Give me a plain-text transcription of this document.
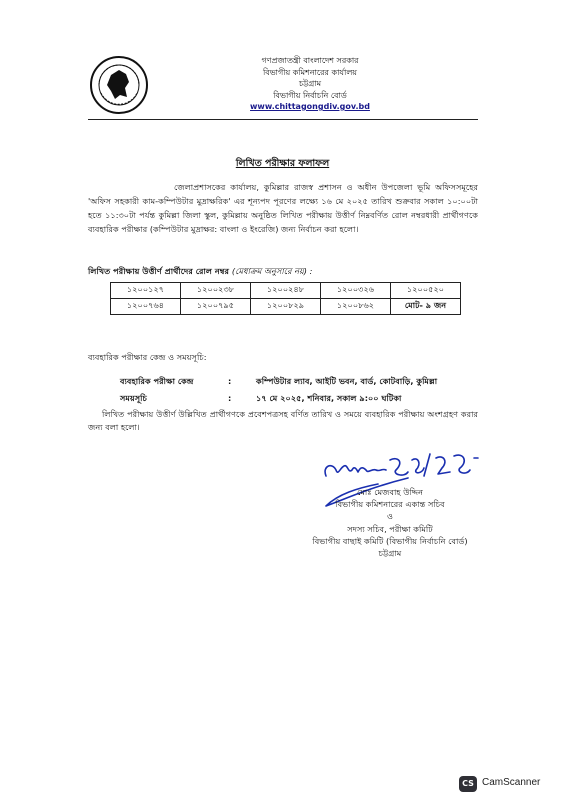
গণপ্রজাতন্ত্রী বাংলাদেশ সরকার
বিভাগীয় কমিশনারের কার্যালয়
চট্টগ্রাম
বিভাগীয় নির্বাচনি বোর্ড
www.chittagongdiv.gov.bd
লিখিত পরীক্ষার ফলাফল
জেলাপ্রশাসকের কার্যালয়, কুমিল্লার রাজস্ব প্রশাসন ও অধীন উপজেলা ভূমি অফিসসমূহের 'অফিস সহকারী কাম-কম্পিউটার মুদ্রাক্ষরিক' এর শূন্যপদ পূরণের লক্ষ্যে ১৬ মে ২০২৫ তারিখ শুক্রবার সকাল ১০:০০টা হতে ১১:৩০টা পর্যন্ত কুমিল্লা জিলা স্কুল, কুমিল্লায় অনুষ্ঠিত লিখিত পরীক্ষায় উত্তীর্ণ নিম্নবর্ণিত রোল নম্বরধারী প্রার্থীগণকে ব্যবহারিক পরীক্ষার (কম্পিউটার মুদ্রাক্ষর: বাংলা ও ইংরেজি) জন্য নির্বাচন করা হলো।
লিখিত পরীক্ষায় উত্তীর্ণ প্রার্থীদের রোল নম্বর (মেধাক্রম অনুসারে নয়) :
১২০০১২৭	১২০০২৩৮	১২০০২৪৮	১২০০৩২৬	১২০০৫২০
১২০০৭৬৪	১২০০৭৯৫	১২০০৮২৯	১২০০৮৬২	মোট- ৯ জন
ব্যবহারিক পরীক্ষার কেন্দ্র ও সময়সূচি:
ব্যবহারিক পরীক্ষা কেন্দ্র	:	কম্পিউটার ল্যাব, আইটি ভবন, বার্ড, কোটবাড়ি, কুমিল্লা
সময়সূচি	:	১৭ মে ২০২৫, শনিবার, সকাল ৯:০০ ঘটিকা
লিখিত পরীক্ষায় উত্তীর্ণ উল্লিখিত প্রার্থীগণকে প্রবেশপত্রসহ বর্ণিত তারিখ ও সময়ে ব্যবহারিক পরীক্ষায় অংশগ্রহণ করার জন্য বলা হলো।
মোঃ মেজবাহ উদ্দিন
বিভাগীয় কমিশনারের একান্ত সচিব
ও
সদস্য সচিব, পরীক্ষা কমিটি
বিভাগীয় বাছাই কমিটি (বিভাগীয় নির্বাচনি বোর্ড)
চট্টগ্রাম
CS CamScanner
